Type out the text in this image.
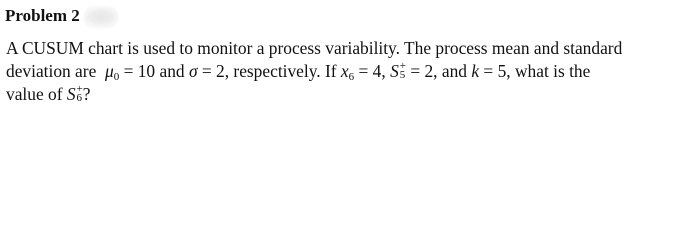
Problem 2
A CUSUM chart is used to monitor a process variability. The process mean and standard
deviation are $\mu_0 = 10$ and σ = 2, respectively. If $x_6 = 4$, S +
5 = 2, and k = 5, what is the
value of S +
6 ?
